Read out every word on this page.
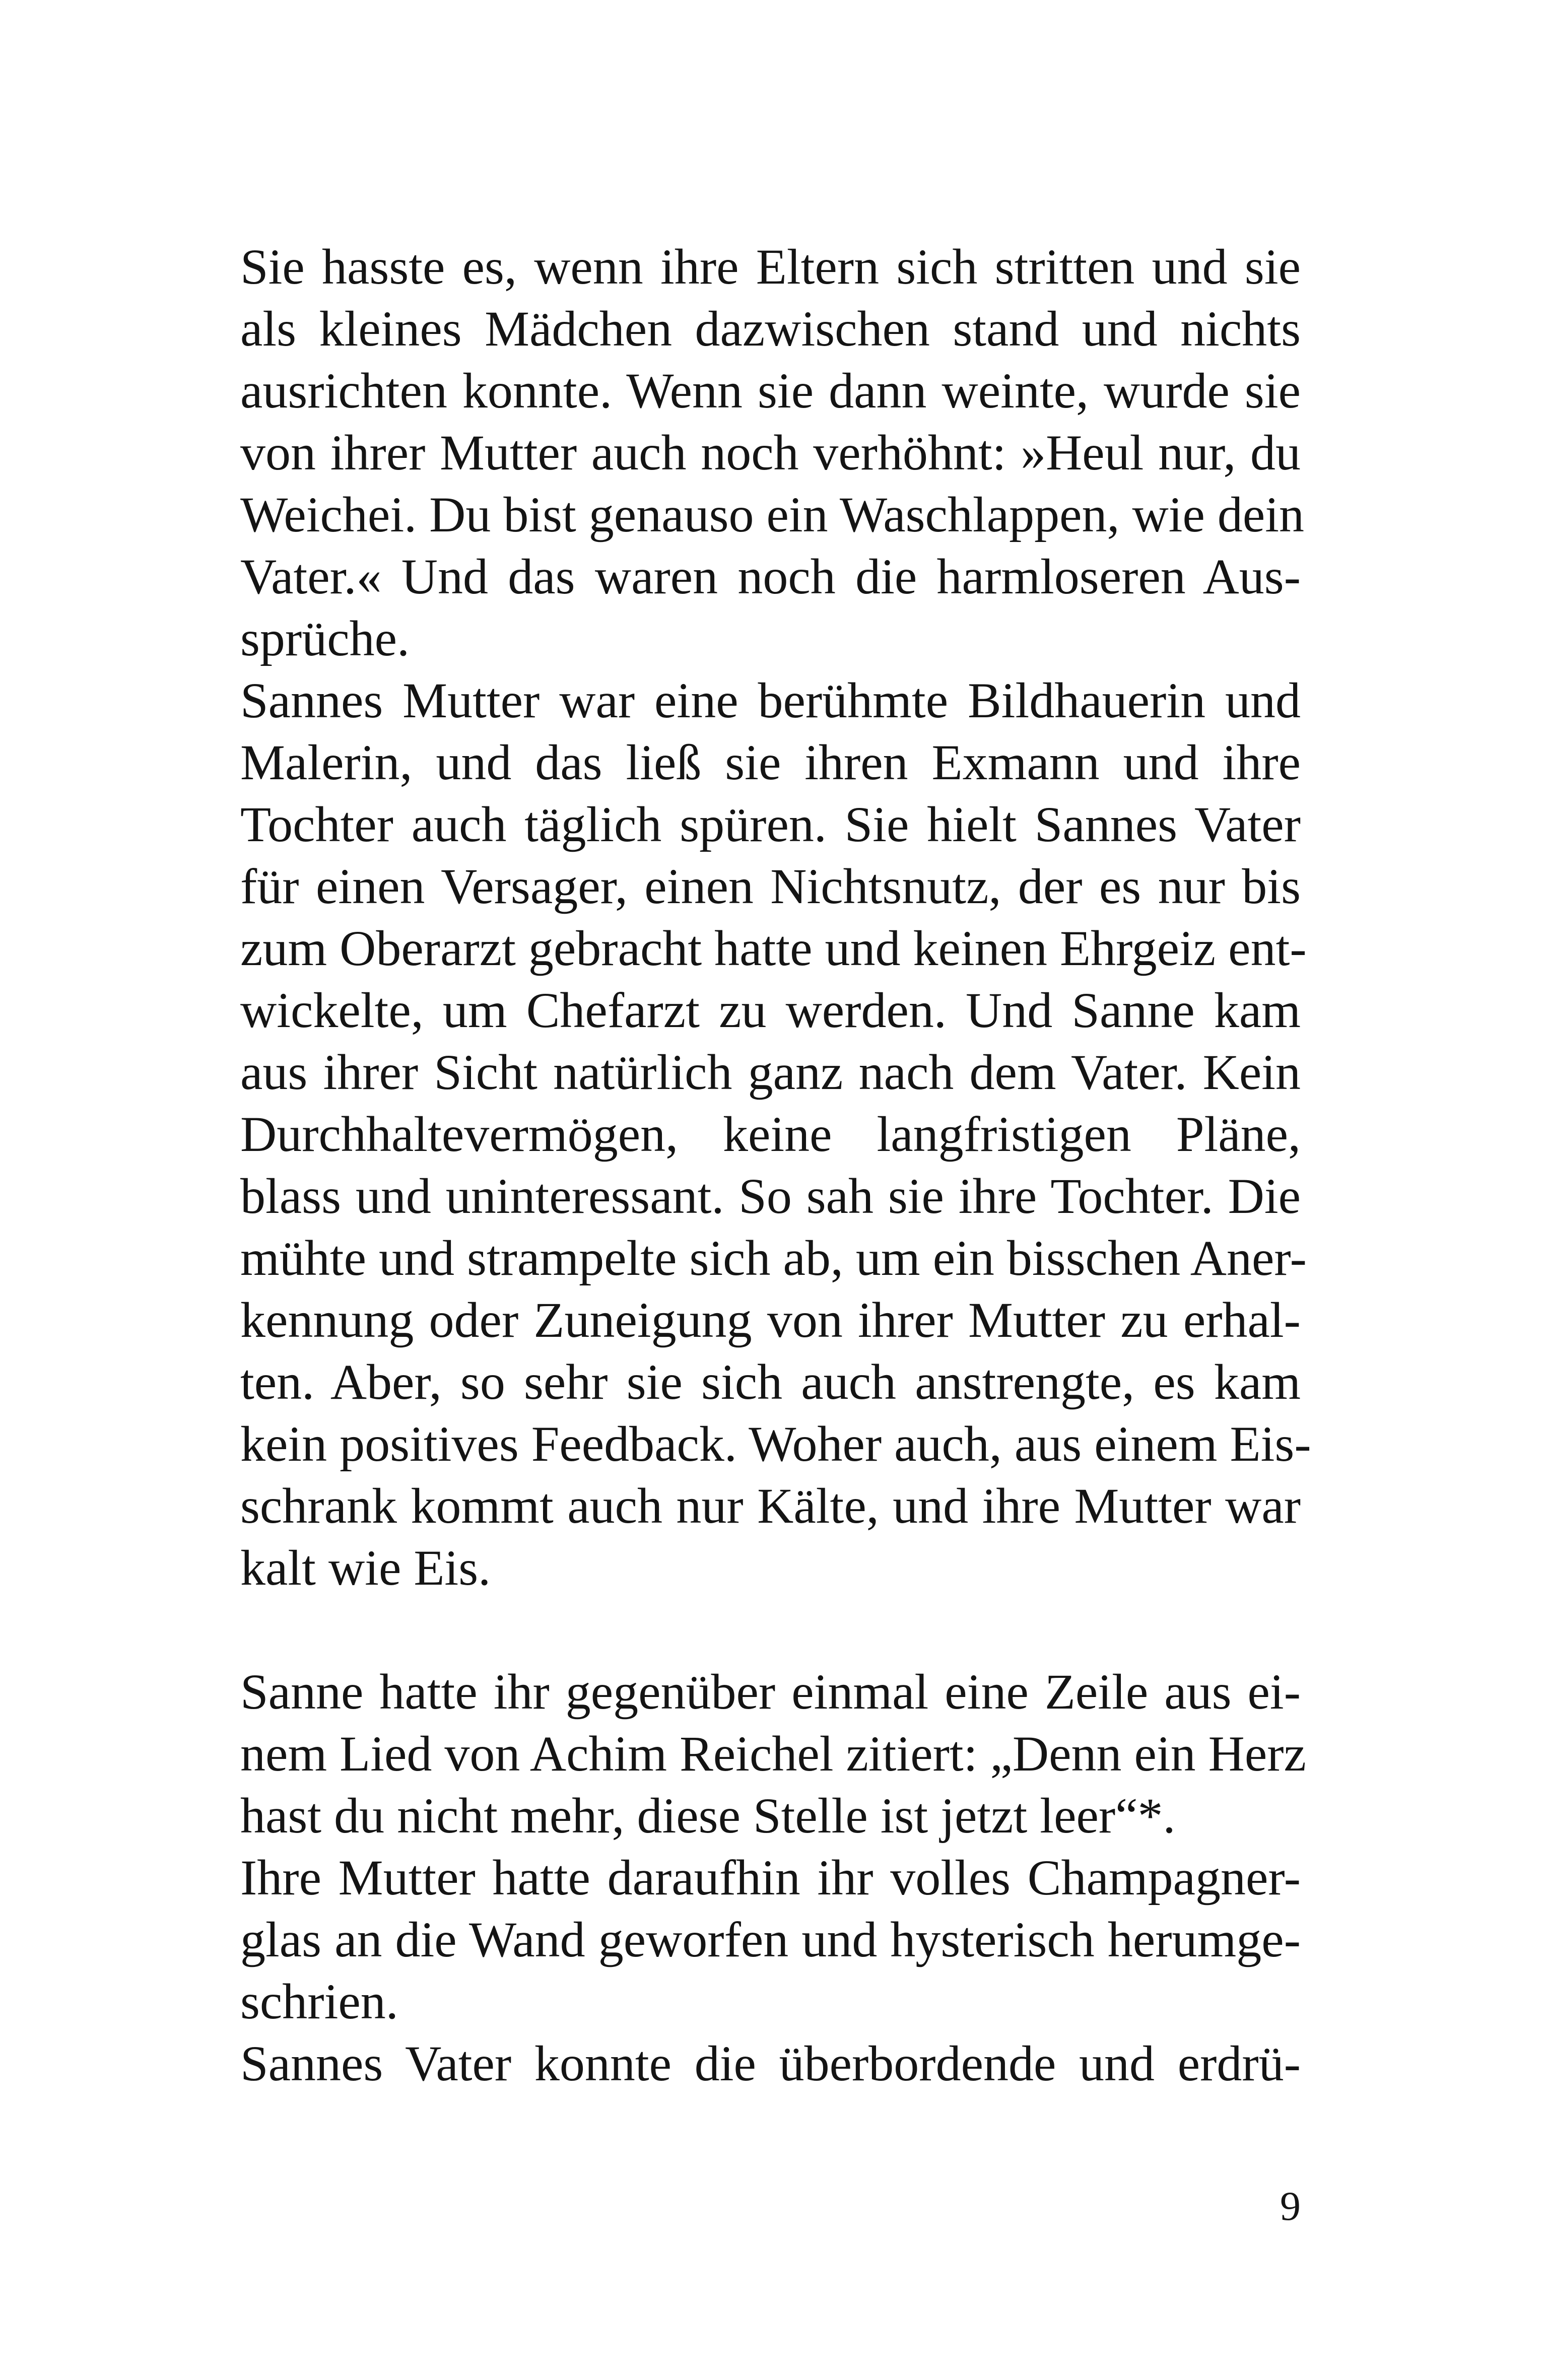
Sie hasste es, wenn ihre Eltern sich stritten und sie
als kleines Mädchen dazwischen stand und nichts
ausrichten konnte. Wenn sie dann weinte, wurde sie
von ihrer Mutter auch noch verhöhnt: »Heul nur, du
Weichei. Du bist genauso ein Waschlappen, wie dein
Vater.« Und das waren noch die harmloseren Aus-
sprüche.
Sannes Mutter war eine berühmte Bildhauerin und
Malerin, und das ließ sie ihren Exmann und ihre
Tochter auch täglich spüren. Sie hielt Sannes Vater
für einen Versager, einen Nichtsnutz, der es nur bis
zum Oberarzt gebracht hatte und keinen Ehrgeiz ent-
wickelte, um Chefarzt zu werden. Und Sanne kam
aus ihrer Sicht natürlich ganz nach dem Vater. Kein
Durchhaltevermögen, keine langfristigen Pläne,
blass und uninteressant. So sah sie ihre Tochter. Die
mühte und strampelte sich ab, um ein bisschen Aner-
kennung oder Zuneigung von ihrer Mutter zu erhal-
ten. Aber, so sehr sie sich auch anstrengte, es kam
kein positives Feedback. Woher auch, aus einem Eis-
schrank kommt auch nur Kälte, und ihre Mutter war
kalt wie Eis.
Sanne hatte ihr gegenüber einmal eine Zeile aus ei-
nem Lied von Achim Reichel zitiert: „Denn ein Herz
hast du nicht mehr, diese Stelle ist jetzt leer“*.
Ihre Mutter hatte daraufhin ihr volles Champagner-
glas an die Wand geworfen und hysterisch herumge-
schrien.
Sannes Vater konnte die überbordende und erdrü-
9
